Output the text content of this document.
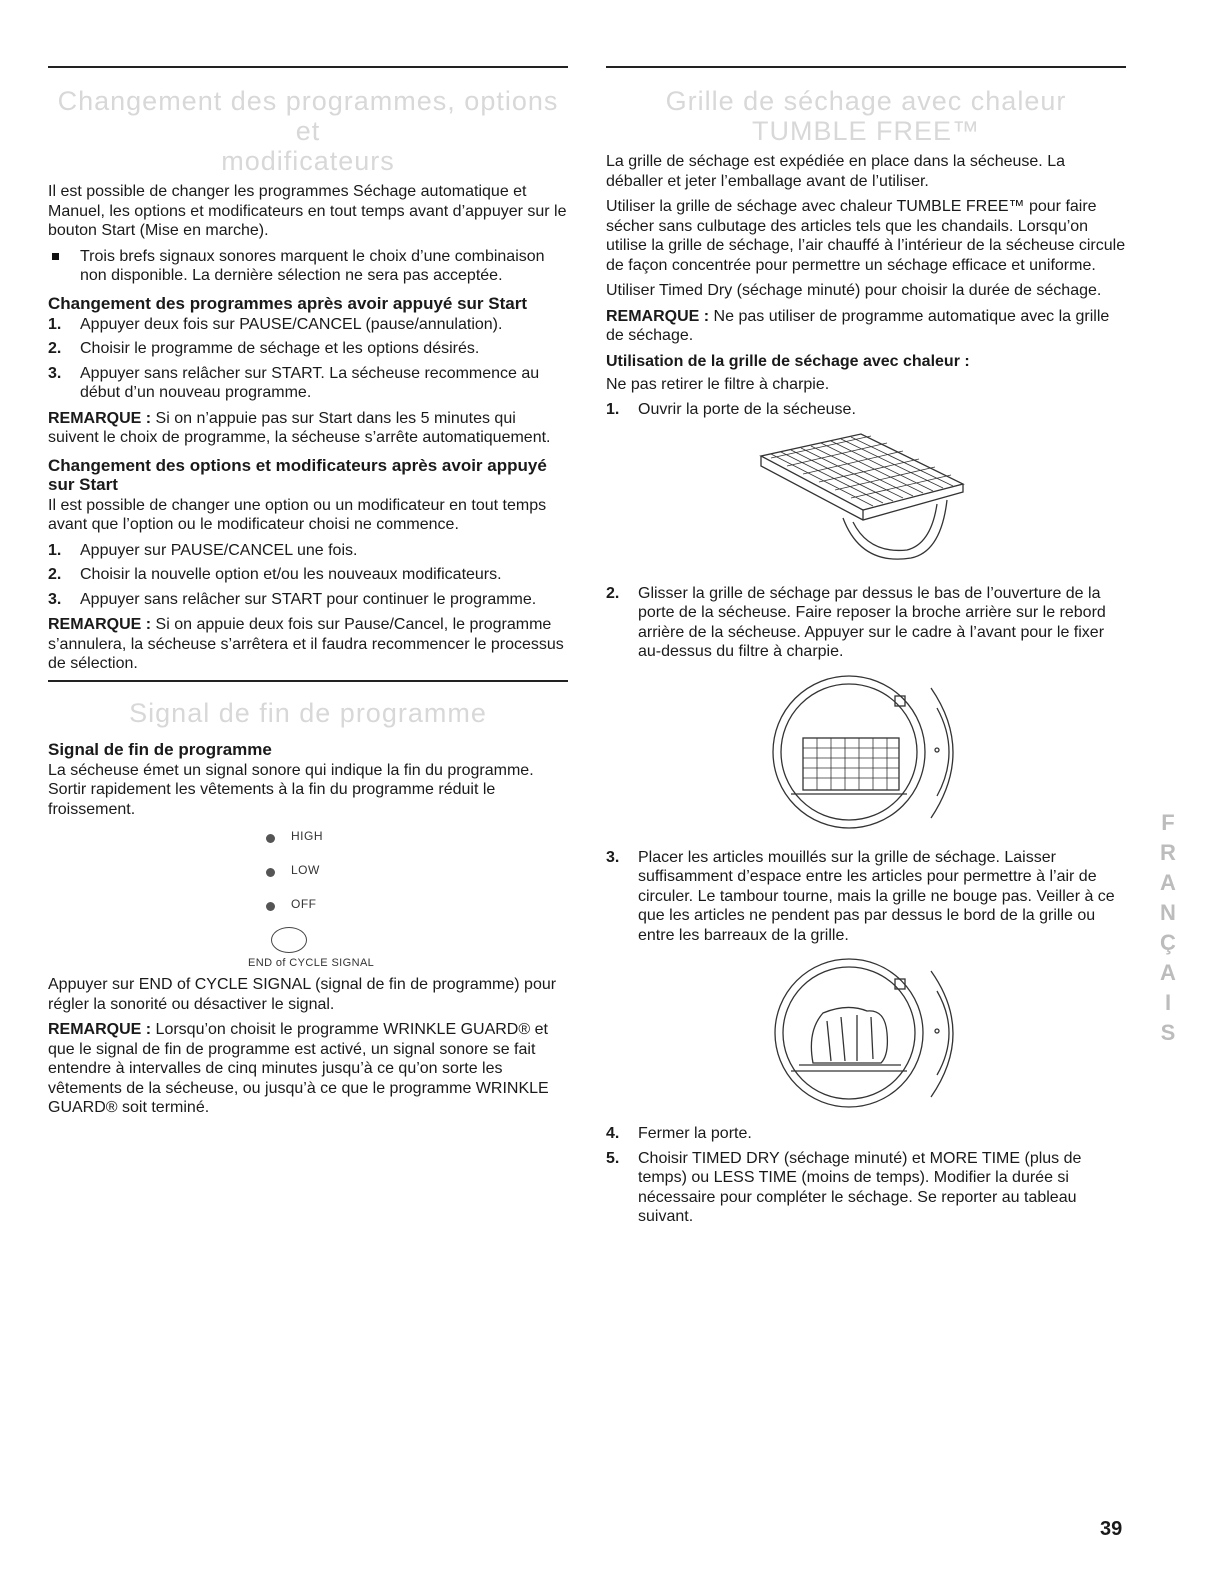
Changement des programmes, options et
modificateurs

Il est possible de changer les programmes Séchage automatique et Manuel, les options et modificateurs en tout temps avant d’appuyer sur le bouton Start (Mise en marche).

Trois brefs signaux sonores marquent le choix d’une combinaison non disponible. La dernière sélection ne sera pas acceptée.
Changement des programmes après avoir appuyé sur Start
1. Appuyer deux fois sur PAUSE/CANCEL (pause/annulation).
2. Choisir le programme de séchage et les options désirés.
3. Appuyer sans relâcher sur START. La sécheuse recommence au début d’un nouveau programme.

REMARQUE : Si on n’appuie pas sur Start dans les 5 minutes qui suivent le choix de programme, la sécheuse s’arrête automatiquement.

Changement des options et modificateurs après avoir appuyé sur Start

Il est possible de changer une option ou un modificateur en tout temps avant que l’option ou le modificateur choisi ne commence.

1. Appuyer sur PAUSE/CANCEL une fois.
2. Choisir la nouvelle option et/ou les nouveaux modificateurs.
3. Appuyer sans relâcher sur START pour continuer le programme.

REMARQUE : Si on appuie deux fois sur Pause/Cancel, le programme s’annulera, la sécheuse s’arrêtera et il faudra recommencer le processus de sélection.

Signal de fin de programme
Signal de fin de programme

La sécheuse émet un signal sonore qui indique la fin du programme. Sortir rapidement les vêtements à la fin du programme réduit le froissement.

HIGH
LOW
OFF
END of CYCLE SIGNAL

Appuyer sur END of CYCLE SIGNAL (signal de fin de programme) pour régler la sonorité ou désactiver le signal.

REMARQUE : Lorsqu’on choisit le programme WRINKLE GUARD® et que le signal de fin de programme est activé, un signal sonore se fait entendre à intervalles de cinq minutes jusqu’à ce qu’on sorte les vêtements de la sécheuse, ou jusqu’à ce que le programme WRINKLE GUARD® soit terminé.

Grille de séchage avec chaleur
TUMBLE FREE™

La grille de séchage est expédiée en place dans la sécheuse. La déballer et jeter l’emballage avant de l’utiliser.

Utiliser la grille de séchage avec chaleur TUMBLE FREE™ pour faire sécher sans culbutage des articles tels que les chandails. Lorsqu’on utilise la grille de séchage, l’air chauffé à l’intérieur de la sécheuse circule de façon concentrée pour permettre un séchage efficace et uniforme.

Utiliser Timed Dry (séchage minuté) pour choisir la durée de séchage.

REMARQUE : Ne pas utiliser de programme automatique avec la grille de séchage.

Utilisation de la grille de séchage avec chaleur :

Ne pas retirer le filtre à charpie.

1. Ouvrir la porte de la sécheuse.
2. Glisser la grille de séchage par dessus le bas de l’ouverture de la porte de la sécheuse. Faire reposer la broche arrière sur le rebord arrière de la sécheuse. Appuyer sur le cadre à l’avant pour le fixer au-dessus du filtre à charpie.
3. Placer les articles mouillés sur la grille de séchage. Laisser suffisamment d’espace entre les articles pour permettre à l’air de circuler. Le tambour tourne, mais la grille ne bouge pas. Veiller à ce que les articles ne pendent pas par dessus le bord de la grille ou entre les barreaux de la grille.
4. Fermer la porte.
5. Choisir TIMED DRY (séchage minuté) et MORE TIME (plus de temps) ou LESS TIME (moins de temps). Modifier la durée si nécessaire pour compléter le séchage. Se reporter au tableau suivant.
F
R
A
N
Ç
A
I
S
39
